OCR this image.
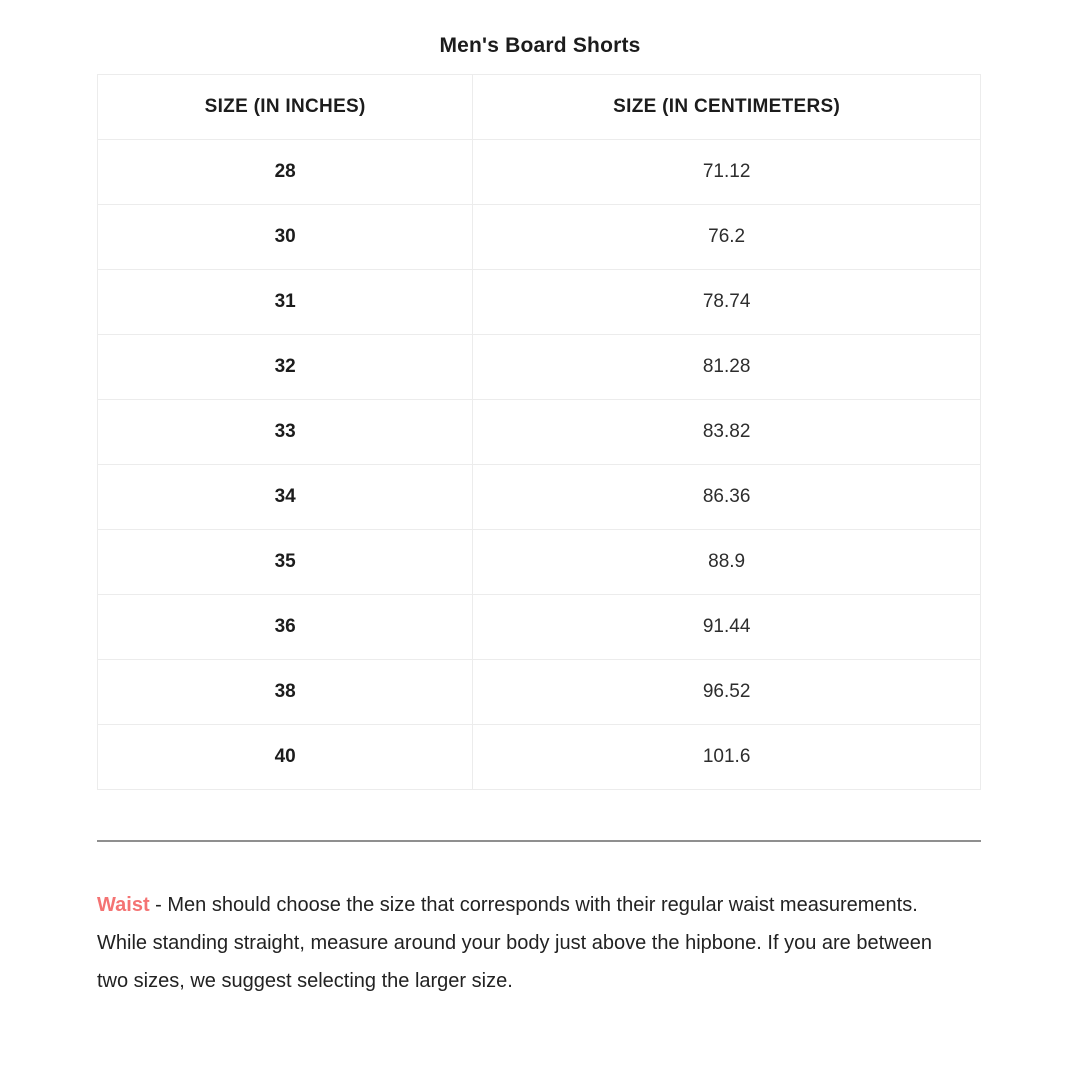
Men's Board Shorts
SIZE (IN INCHES)	SIZE (IN CENTIMETERS)
28	71.12
30	76.2
31	78.74
32	81.28
33	83.82
34	86.36
35	88.9
36	91.44
38	96.52
40	101.6

Waist - Men should choose the size that corresponds with their regular waist measurements. While standing straight, measure around your body just above the hipbone. If you are between two sizes, we suggest selecting the larger size.
